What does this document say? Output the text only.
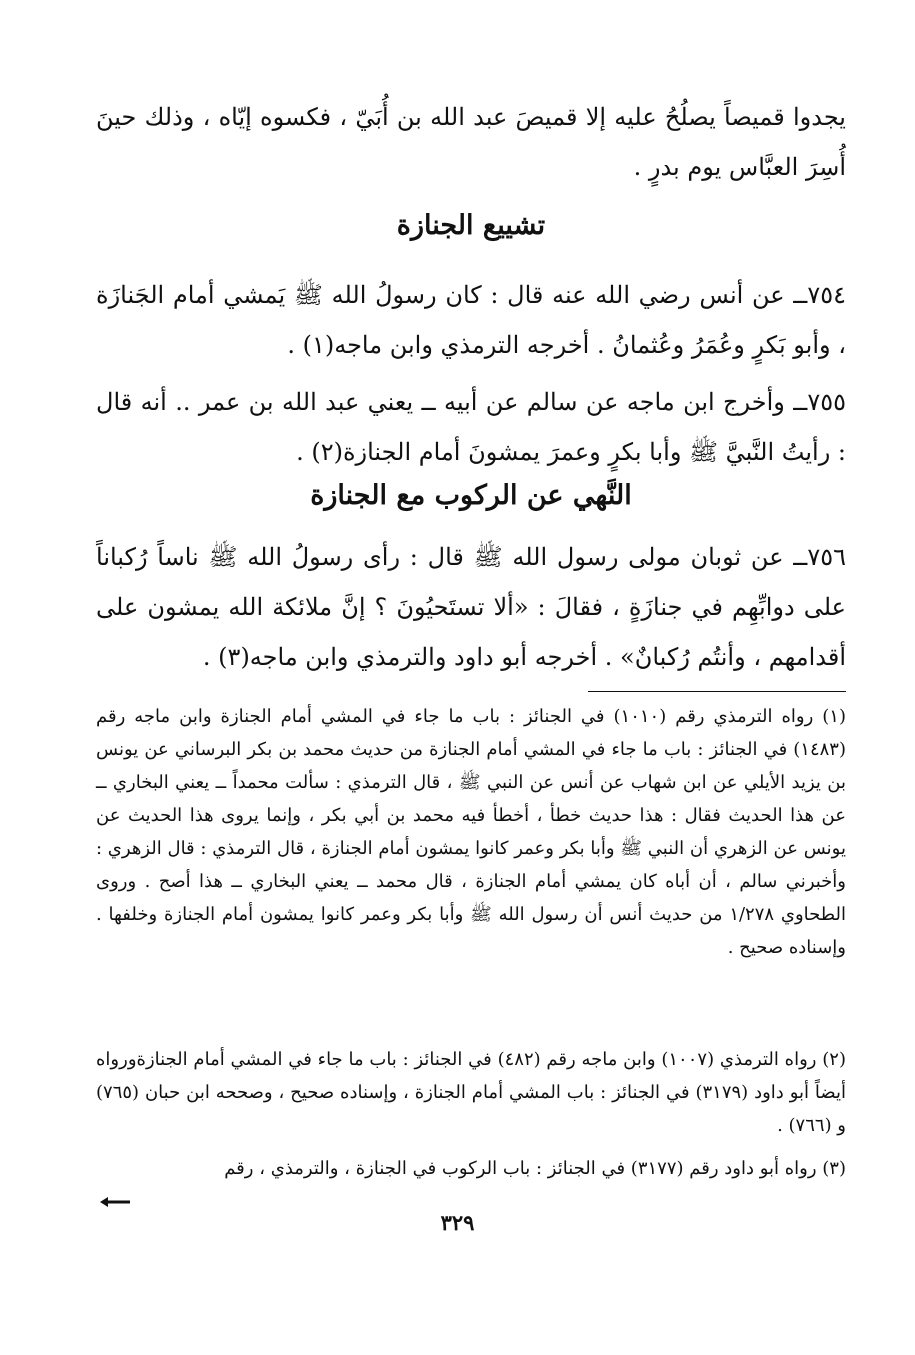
يجدوا قميصاً يصلُحُ عليه إلا قميصَ عبد الله بن أُبَيّ ، فكسوه إيّاه ، وذلك حينَ أُسِرَ العبَّاس يوم بدرٍ .

تشييع الجنازة

٧٥٤ــ عن أنس رضي الله عنه قال : كان رسولُ الله ﷺ يَمشي أمام الجَنازَة ، وأبو بَكرٍ وعُمَرُ وعُثمانُ . أخرجه الترمذي وابن ماجه(١) .

٧٥٥ــ وأخرج ابن ماجه عن سالم عن أبيه ــ يعني عبد الله بن عمر .. أنه قال : رأيتُ النَّبيَّ ﷺ وأبا بكرٍ وعمرَ يمشونَ أمام الجنازة(٢) .

النَّهي عن الركوب مع الجنازة

٧٥٦ــ عن ثوبان مولى رسول الله ﷺ قال : رأى رسولُ الله ﷺ ناساً رُكباناً على دوابِّهِم في جنازَةٍ ، فقالَ : «ألا تستَحيُونَ ؟ إنَّ ملائكة الله يمشون على أقدامهم ، وأنتُم رُكبانٌ» . أخرجه أبو داود والترمذي وابن ماجه(٣) .

(١) رواه الترمذي رقم (١٠١٠) في الجنائز : باب ما جاء في المشي أمام الجنازة وابن ماجه رقم (١٤٨٣) في الجنائز : باب ما جاء في المشي أمام الجنازة من حديث محمد بن بكر البرساني عن يونس بن يزيد الأيلي عن ابن شهاب عن أنس عن النبي ﷺ ، قال الترمذي : سألت محمداً ــ يعني البخاري ــ عن هذا الحديث فقال : هذا حديث خطأ ، أخطأ فيه محمد بن أبي بكر ، وإنما يروى هذا الحديث عن يونس عن الزهري أن النبي ﷺ وأبا بكر وعمر كانوا يمشون أمام الجنازة ، قال الترمذي : قال الزهري : وأخبرني سالم ، أن أباه كان يمشي أمام الجنازة ، قال محمد ــ يعني البخاري ــ هذا أصح . وروى الطحاوي ١/٢٧٨ من حديث أنس أن رسول الله ﷺ وأبا بكر وعمر كانوا يمشون أمام الجنازة وخلفها . وإسناده صحيح .

(٢) رواه الترمذي (١٠٠٧) وابن ماجه رقم (٤٨٢) في الجنائز : باب ما جاء في المشي أمام الجنازةورواه أيضاً أبو داود (٣١٧٩) في الجنائز : باب المشي أمام الجنازة ، وإسناده صحيح ، وصححه ابن حبان (٧٦٥) و (٧٦٦) .

(٣) رواه أبو داود رقم (٣١٧٧) في الجنائز : باب الركوب في الجنازة ، والترمذي ، رقم

٣٢٩
